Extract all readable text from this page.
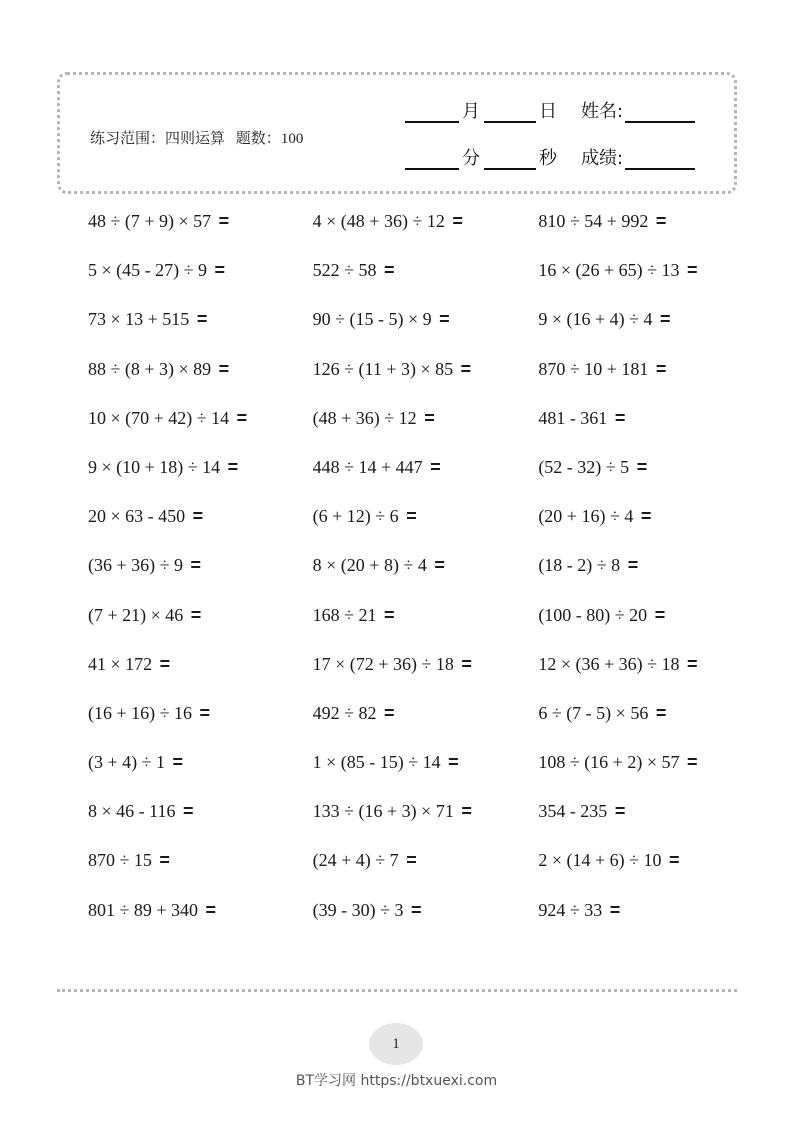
练习范围：四则运算 题数：100
月	日 姓名:
分	秒 成绩:
48 ÷ (7 + 9) × 57 =	4 × (48 + 36) ÷ 12 =	810 ÷ 54 + 992 =
5 × (45 - 27) ÷ 9 =	522 ÷ 58 =	16 × (26 + 65) ÷ 13 =
73 × 13 + 515 =	90 ÷ (15 - 5) × 9 =	9 × (16 + 4) ÷ 4 =
88 ÷ (8 + 3) × 89 =	126 ÷ (11 + 3) × 85 =	870 ÷ 10 + 181 =
10 × (70 + 42) ÷ 14 =	(48 + 36) ÷ 12 =	481 - 361 =
9 × (10 + 18) ÷ 14 =	448 ÷ 14 + 447 =	(52 - 32) ÷ 5 =
20 × 63 - 450 =	(6 + 12) ÷ 6 =	(20 + 16) ÷ 4 =
(36 + 36) ÷ 9 =	8 × (20 + 8) ÷ 4 =	(18 - 2) ÷ 8 =
(7 + 21) × 46 =	168 ÷ 21 =	(100 - 80) ÷ 20 =
41 × 172 =	17 × (72 + 36) ÷ 18 =	12 × (36 + 36) ÷ 18 =
(16 + 16) ÷ 16 =	492 ÷ 82 =	6 ÷ (7 - 5) × 56 =
(3 + 4) ÷ 1 =	1 × (85 - 15) ÷ 14 =	108 ÷ (16 + 2) × 57 =
8 × 46 - 116 =	133 ÷ (16 + 3) × 71 =	354 - 235 =
870 ÷ 15 =	(24 + 4) ÷ 7 =	2 × (14 + 6) ÷ 10 =
801 ÷ 89 + 340 =	(39 - 30) ÷ 3 =	924 ÷ 33 =
1
BT学习网 https://btxuexi.com
